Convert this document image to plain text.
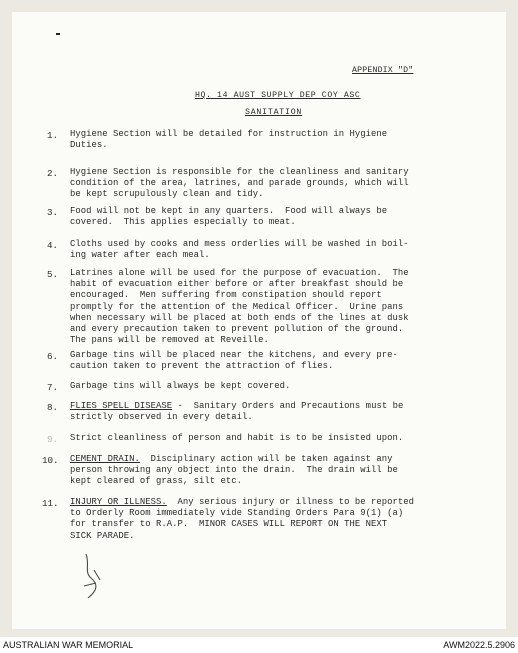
APPENDIX "D"
HQ. 14 AUST SUPPLY DEP COY ASC
SANITATION
1. Hygiene Section will be detailed for instruction in Hygiene
Duties.
2. Hygiene Section is responsible for the cleanliness and sanitary
condition of the area, latrines, and parade grounds, which will
be kept scrupulously clean and tidy.
3. Food will not be kept in any quarters.  Food will always be
covered.  This applies especially to meat.
4. Cloths used by cooks and mess orderlies will be washed in boil-
ing water after each meal.
5. Latrines alone will be used for the purpose of evacuation.  The
habit of evacuation either before or after breakfast should be
encouraged.  Men suffering from constipation should report
promptly for the attention of the Medical Officer.  Urine pans
when necessary will be placed at both ends of the lines at dusk
and every precaution taken to prevent pollution of the ground.
The pans will be removed at Reveille.
6. Garbage tins will be placed near the kitchens, and every pre-
caution taken to prevent the attraction of flies.
7. Garbage tins will always be kept covered.
8. FLIES SPELL DISEASE -  Sanitary Orders and Precautions must be
strictly observed in every detail.
9. Strict cleanliness of person and habit is to be insisted upon.
10. CEMENT DRAIN.  Disciplinary action will be taken against any
person throwing any object into the drain.  The drain will be
kept cleared of grass, silt etc.
11. INJURY OR ILLNESS.  Any serious injury or illness to be reported
to Orderly Room immediately vide Standing Orders Para 9(1) (a)
for transfer to R.A.P.  MINOR CASES WILL REPORT ON THE NEXT
SICK PARADE.
AUSTRALIAN WAR MEMORIAL	AWM2022.5.2906
